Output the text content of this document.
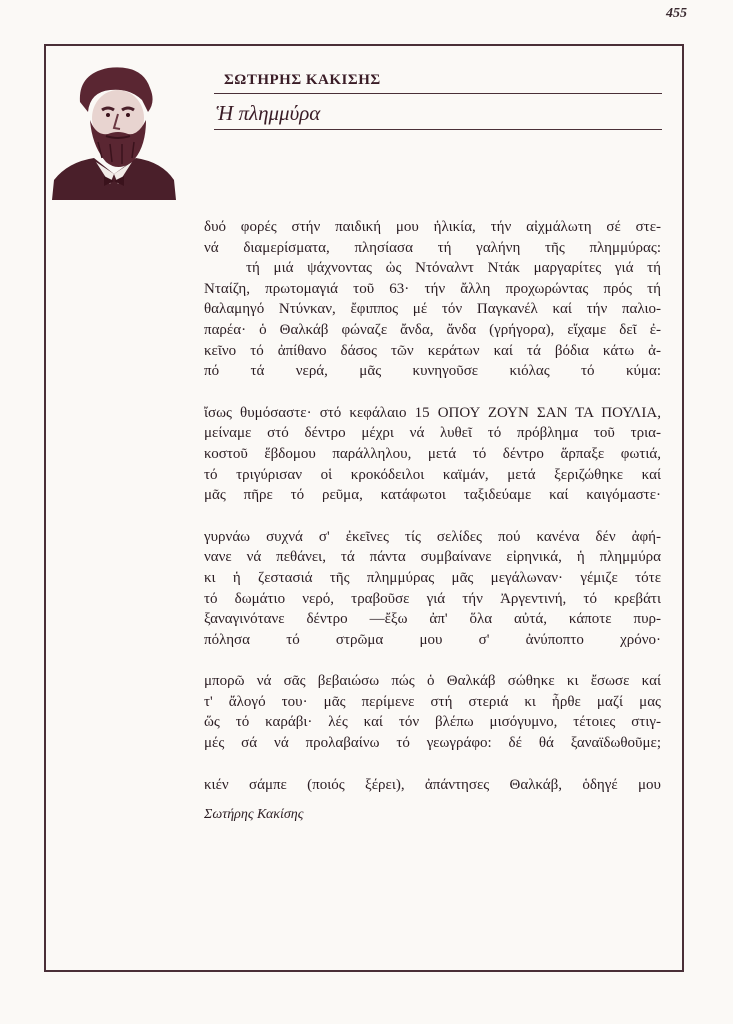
455
ΣΩΤΗΡΗΣ ΚΑΚΙΣΗΣ
Ἡ πλημμύρα
δυό φορές στήν παιδική μου ἡλικία, τήν αἰχμάλωτη σέ στε-
νά διαμερίσματα, πλησίασα τή γαλήνη τῆς πλημμύρας:
τή μιά ψάχνοντας ὡς Ντόναλντ Ντάκ μαργαρίτες γιά τή
Νταίζη, πρωτομαγιά τοῦ 63· τήν ἄλλη προχωρώντας πρός τή
θαλαμηγό Ντύνκαν, ἔφιππος μέ τόν Παγκανέλ καί τήν παλιο-
παρέα· ὁ Θαλκάβ φώναζε ἄνδα, ἄνδα (γρήγορα), εἴχαμε δεῖ ἐ-
κεῖνο τό ἀπίθανο δάσος τῶν κεράτων καί τά βόδια κάτω ἀ-
πό τά νερά, μᾶς κυνηγοῦσε κιόλας τό κύμα:
ἴσως θυμόσαστε· στό κεφάλαιο 15 ΟΠΟΥ ΖΟΥΝ ΣΑΝ ΤΑ ΠΟΥΛΙΑ,
μείναμε στό δέντρο μέχρι νά λυθεῖ τό πρόβλημα τοῦ τρια-
κοστοῦ ἕβδομου παράλληλου, μετά τό δέντρο ἅρπαξε φωτιά,
τό τριγύρισαν οἱ κροκόδειλοι καϊμάν, μετά ξεριζώθηκε καί
μᾶς πῆρε τό ρεῦμα, κατάφωτοι ταξιδεύαμε καί καιγόμαστε·
γυρνάω συχνά σ' ἐκεῖνες τίς σελίδες πού κανένα δέν ἀφή-
νανε νά πεθάνει, τά πάντα συμβαίνανε εἰρηνικά, ἡ πλημμύρα
κι ἡ ζεστασιά τῆς πλημμύρας μᾶς μεγάλωναν· γέμιζε τότε
τό δωμάτιο νερό, τραβοῦσε γιά τήν Ἀργεντινή, τό κρεβάτι
ξαναγινότανε δέντρο —ἔξω ἀπ' ὅλα αὐτά, κάποτε πυρ-
πόλησα τό στρῶμα μου σ' ἀνύποπτο χρόνο·
μπορῶ νά σᾶς βεβαιώσω πώς ὁ Θαλκάβ σώθηκε κι ἔσωσε καί
τ' ἄλογό του· μᾶς περίμενε στή στεριά κι ἦρθε μαζί μας
ὥς τό καράβι· λές καί τόν βλέπω μισόγυμνο, τέτοιες στιγ-
μές σά νά προλαβαίνω τό γεωγράφο: δέ θά ξαναϊδωθοῦμε;
κιέν σάμπε (ποιός ξέρει), ἀπάντησες Θαλκάβ, ὁδηγέ μου
Σωτήρης Κακίσης
